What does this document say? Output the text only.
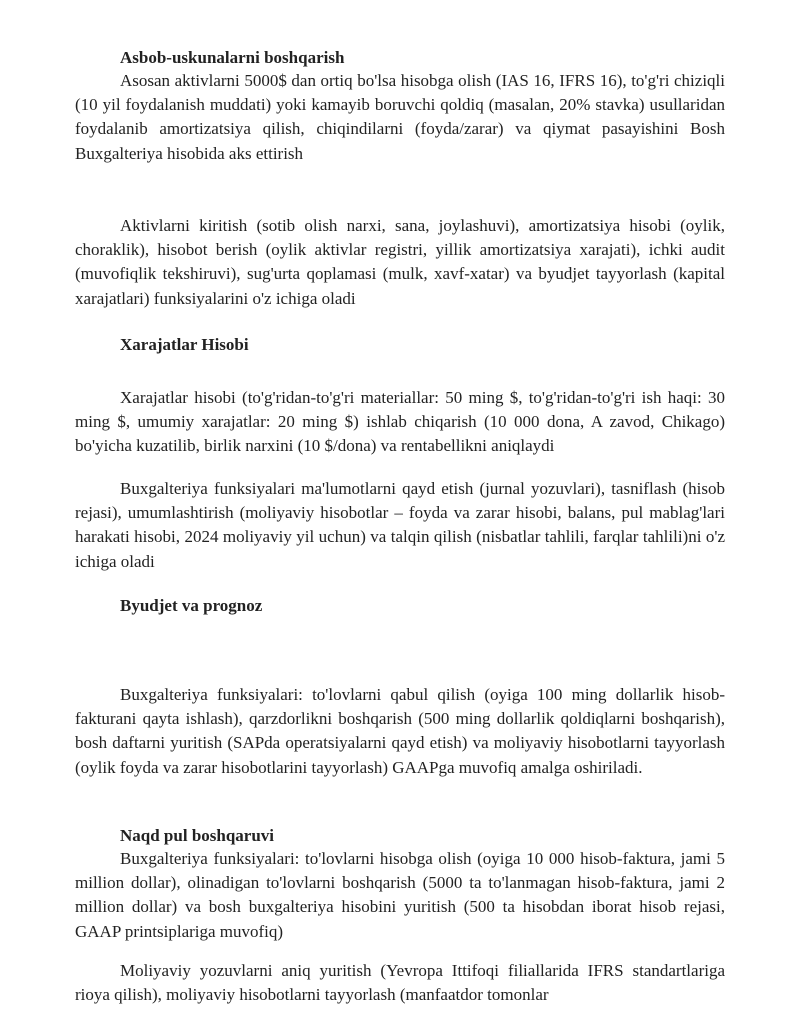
Asbob-uskunalarni boshqarish

Asosan aktivlarni 5000$ dan ortiq bo'lsa hisobga olish (IAS 16, IFRS 16), to'g'ri chiziqli (10 yil foydalanish muddati) yoki kamayib boruvchi qoldiq (masalan, 20% stavka) usullaridan foydalanib amortizatsiya qilish, chiqindilarni (foyda/zarar) va qiymat pasayishini Bosh Buxgalteriya hisobida aks ettirish

Aktivlarni kiritish (sotib olish narxi, sana, joylashuvi), amortizatsiya hisobi (oylik, choraklik), hisobot berish (oylik aktivlar registri, yillik amortizatsiya xarajati), ichki audit (muvofiqlik tekshiruvi), sug'urta qoplamasi (mulk, xavf-xatar) va byudjet tayyorlash (kapital xarajatlari) funksiyalarini o'z ichiga oladi

Xarajatlar Hisobi

Xarajatlar hisobi (to'g'ridan-to'g'ri materiallar: 50 ming $, to'g'ridan-to'g'ri ish haqi: 30 ming $, umumiy xarajatlar: 20 ming $) ishlab chiqarish (10 000 dona, A zavod, Chikago) bo'yicha kuzatilib, birlik narxini (10 $/dona) va rentabellikni aniqlaydi

Buxgalteriya funksiyalari ma'lumotlarni qayd etish (jurnal yozuvlari), tasniflash (hisob rejasi), umumlashtirish (moliyaviy hisobotlar – foyda va zarar hisobi, balans, pul mablag'lari harakati hisobi, 2024 moliyaviy yil uchun) va talqin qilish (nisbatlar tahlili, farqlar tahlili)ni o'z ichiga oladi

Byudjet va prognoz

Buxgalteriya funksiyalari: to'lovlarni qabul qilish (oyiga 100 ming dollarlik hisob-fakturani qayta ishlash), qarzdorlikni boshqarish (500 ming dollarlik qoldiqlarni boshqarish), bosh daftarni yuritish (SAPda operatsiyalarni qayd etish) va moliyaviy hisobotlarni tayyorlash (oylik foyda va zarar hisobotlarini tayyorlash) GAAPga muvofiq amalga oshiriladi.

Naqd pul boshqaruvi

Buxgalteriya funksiyalari: to'lovlarni hisobga olish (oyiga 10 000 hisob-faktura, jami 5 million dollar), olinadigan to'lovlarni boshqarish (5000 ta to'lanmagan hisob-faktura, jami 2 million dollar) va bosh buxgalteriya hisobini yuritish (500 ta hisobdan iborat hisob rejasi, GAAP printsiplariga muvofiq)

Moliyaviy yozuvlarni aniq yuritish (Yevropa Ittifoqi filiallarida IFRS standartlariga rioya qilish), moliyaviy hisobotlarni tayyorlash (manfaatdor tomonlar
